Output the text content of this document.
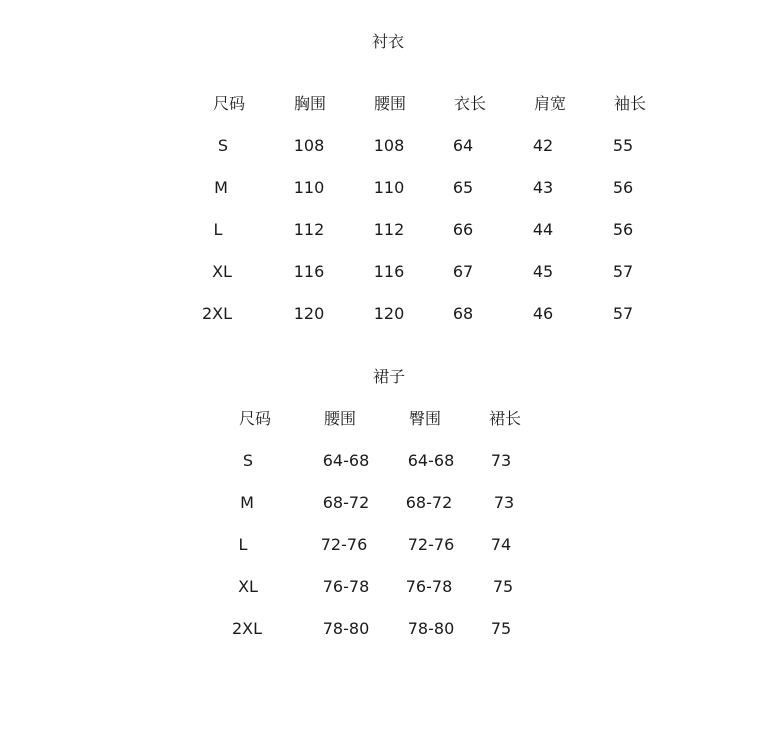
衬衣
尺码	胸围	腰围	衣长	肩宽	袖长
S	108	108	64	42	55
M	110	110	65	43	56
L	112	112	66	44	56
XL	116	116	67	45	57
2XL	120	120	68	46	57
裙子
尺码	腰围	臀围	裙长
S	64-68 64-68 73
M	68-72 68-72	73
L	72-76	72-76 74
XL	76-78 76-78	75
2XL	78-80 78-80 75
